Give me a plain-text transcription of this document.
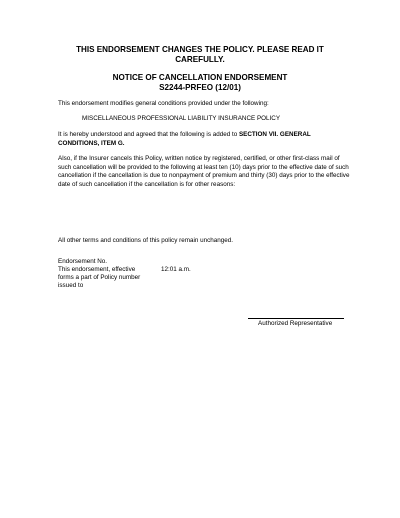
THIS ENDORSEMENT CHANGES THE POLICY. PLEASE READ IT
CAREFULLY.
NOTICE OF CANCELLATION ENDORSEMENT
S2244-PRFEO (12/01)
This endorsement modifies general conditions provided under the following:
MISCELLANEOUS PROFESSIONAL LIABILITY INSURANCE POLICY
It is hereby understood and agreed that the following is added to SECTION VII. GENERAL CONDITIONS, ITEM G.
Also, if the Insurer cancels this Policy, written notice by registered, certified, or other first-class mail of such cancellation will be provided to the following at least ten (10) days prior to the effective date of such cancellation if the cancellation is due to nonpayment of premium and thirty (30) days prior to the effective date of such cancellation if the cancellation is for other reasons:
All other terms and conditions of this policy remain unchanged.
Endorsement No.
This endorsement, effective	12:01 a.m.
forms a part of Policy number
issued to
Authorized Representative
